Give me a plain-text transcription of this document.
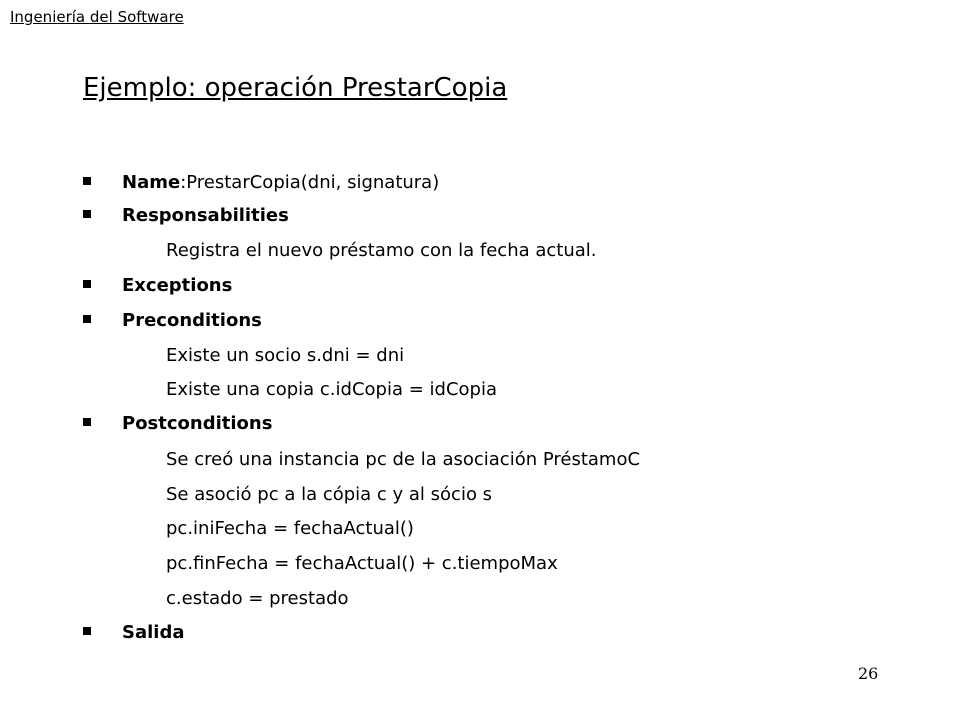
Ingeniería del Software
Ejemplo: operación PrestarCopia
Name:PrestarCopia(dni, signatura)
Responsabilities
Registra el nuevo préstamo con la fecha actual.
Exceptions
Preconditions
Existe un socio s.dni = dni
Existe una copia c.idCopia = idCopia
Postconditions
Se creó una instancia pc de la asociación PréstamoC
Se asoció pc a la cópia c y al sócio s
pc.iniFecha = fechaActual()
pc.finFecha = fechaActual() + c.tiempoMax
c.estado = prestado
Salida
26
